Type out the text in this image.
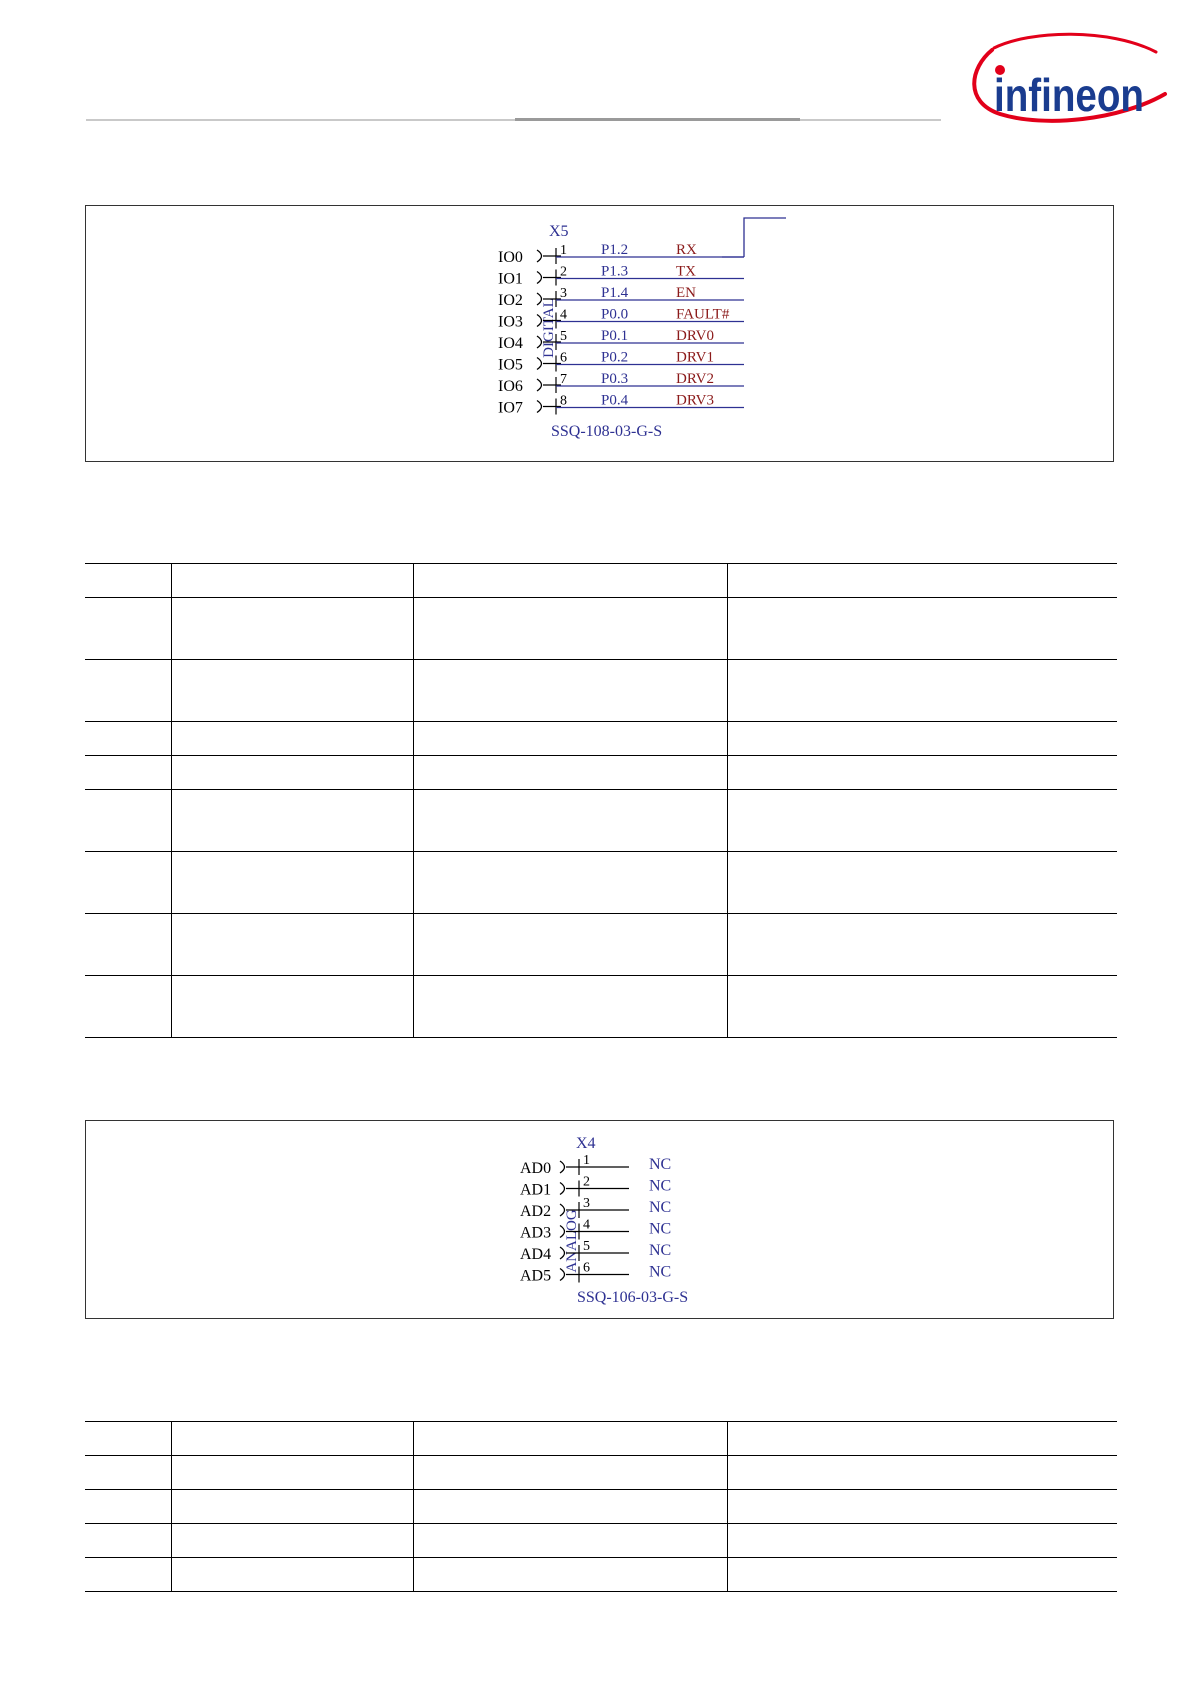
infineon
DIGITAL
X5
SSQ-108-03-G-S
IO0	1 P1.2	RX
IO1	2 P1.3	TX
IO2	3 P1.4	EN
IO3	4 P0.0	FAULT#
IO4	5 P0.1	DRV0
IO5	6 P0.2	DRV1
IO6	7 P0.3	DRV2
IO7	8 P0.4	DRV3

ANALOG
X4
SSQ-106-03-G-S
AD0 1	NC
AD1 2	NC
AD2 3	NC
AD3 4	NC
AD4 5	NC
AD5 6	NC
